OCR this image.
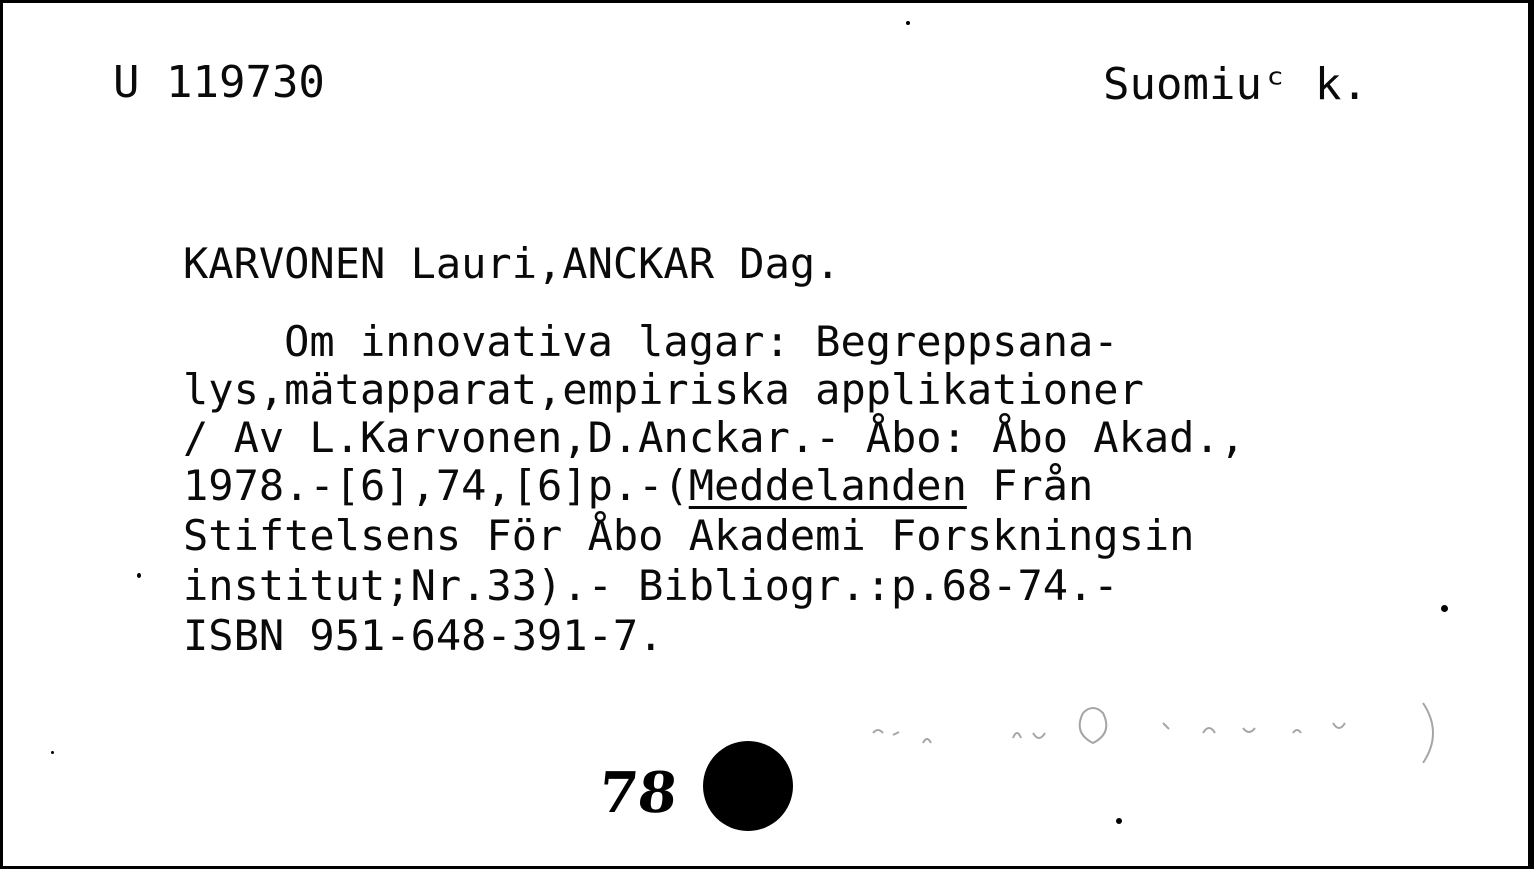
U 119730	Suomiuᶜ k.
KARVONEN Lauri,ANCKAR Dag.
Om innovativa lagar: Begreppsana-
lys,mätapparat,empiriska applikationer
/ Av L.Karvonen,D.Anckar.- Åbo: Åbo Akad.,
1978.-[6],74,[6]p.-(Meddelanden Från
Stiftelsens För Åbo Akademi Forskningsin
institut;Nr.33).- Bibliogr.:p.68-74.-
ISBN 951-648-391-7.
78
